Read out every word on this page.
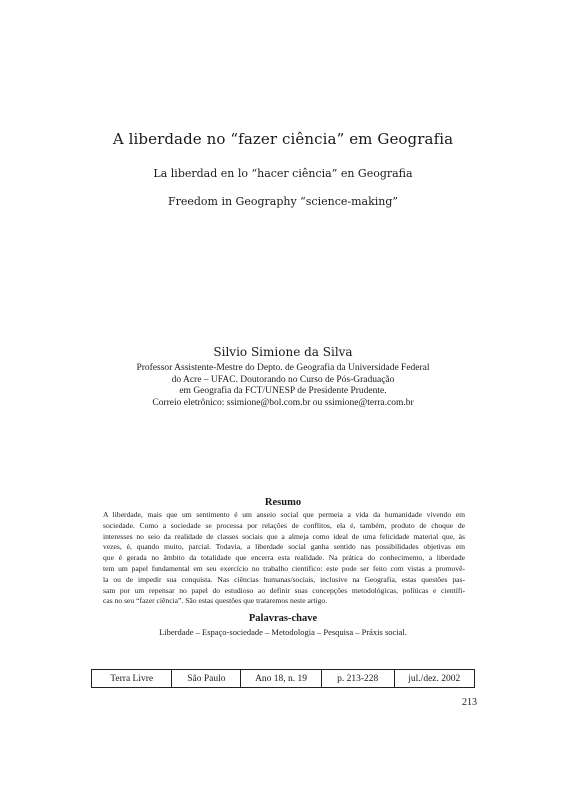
A liberdade no “fazer ciência” em Geografia
La liberdad en lo “hacer ciência” en Geografia
Freedom in Geography “science-making”
Silvio Simione da Silva
Professor Assistente-Mestre do Depto. de Geografia da Universidade Federal
do Acre – UFAC. Doutorando no Curso de Pós-Graduação
em Geografia da FCT/UNESP de Presidente Prudente.
Correio eletrônico: ssimione@bol.com.br ou ssimione@terra.com.br
Resumo
A liberdade, mais que um sentimento é um anseio social que permeia a vida da humanidade vivendo em
sociedade. Como a sociedade se processa por relações de conflitos, ela é, também, produto de choque de
interesses no seio da realidade de classes sociais que a almeja como ideal de uma felicidade material que, às
vezes, é, quando muito, parcial. Todavia, a liberdade social ganha sentido nas possibilidades objetivas em
que é gerada no âmbito da totalidade que encerra esta realidade. Na prática do conhecimento, a liberdade
tem um papel fundamental em seu exercício no trabalho científico: este pode ser feito com vistas a promovê-
la ou de impedir sua conquista. Nas ciências humanas/sociais, inclusive na Geografia, estas questões pas-
sam por um repensar no papel do estudioso ao definir suas concepções metodológicas, políticas e científi-
cas no seu “fazer ciência”. São estas questões que trataremos neste artigo.
Palavras-chave
Liberdade – Espaço-sociedade – Metodologia – Pesquisa – Práxis social.
Terra Livre	São Paulo	Ano 18, n. 19	p. 213-228	jul./dez. 2002
213
